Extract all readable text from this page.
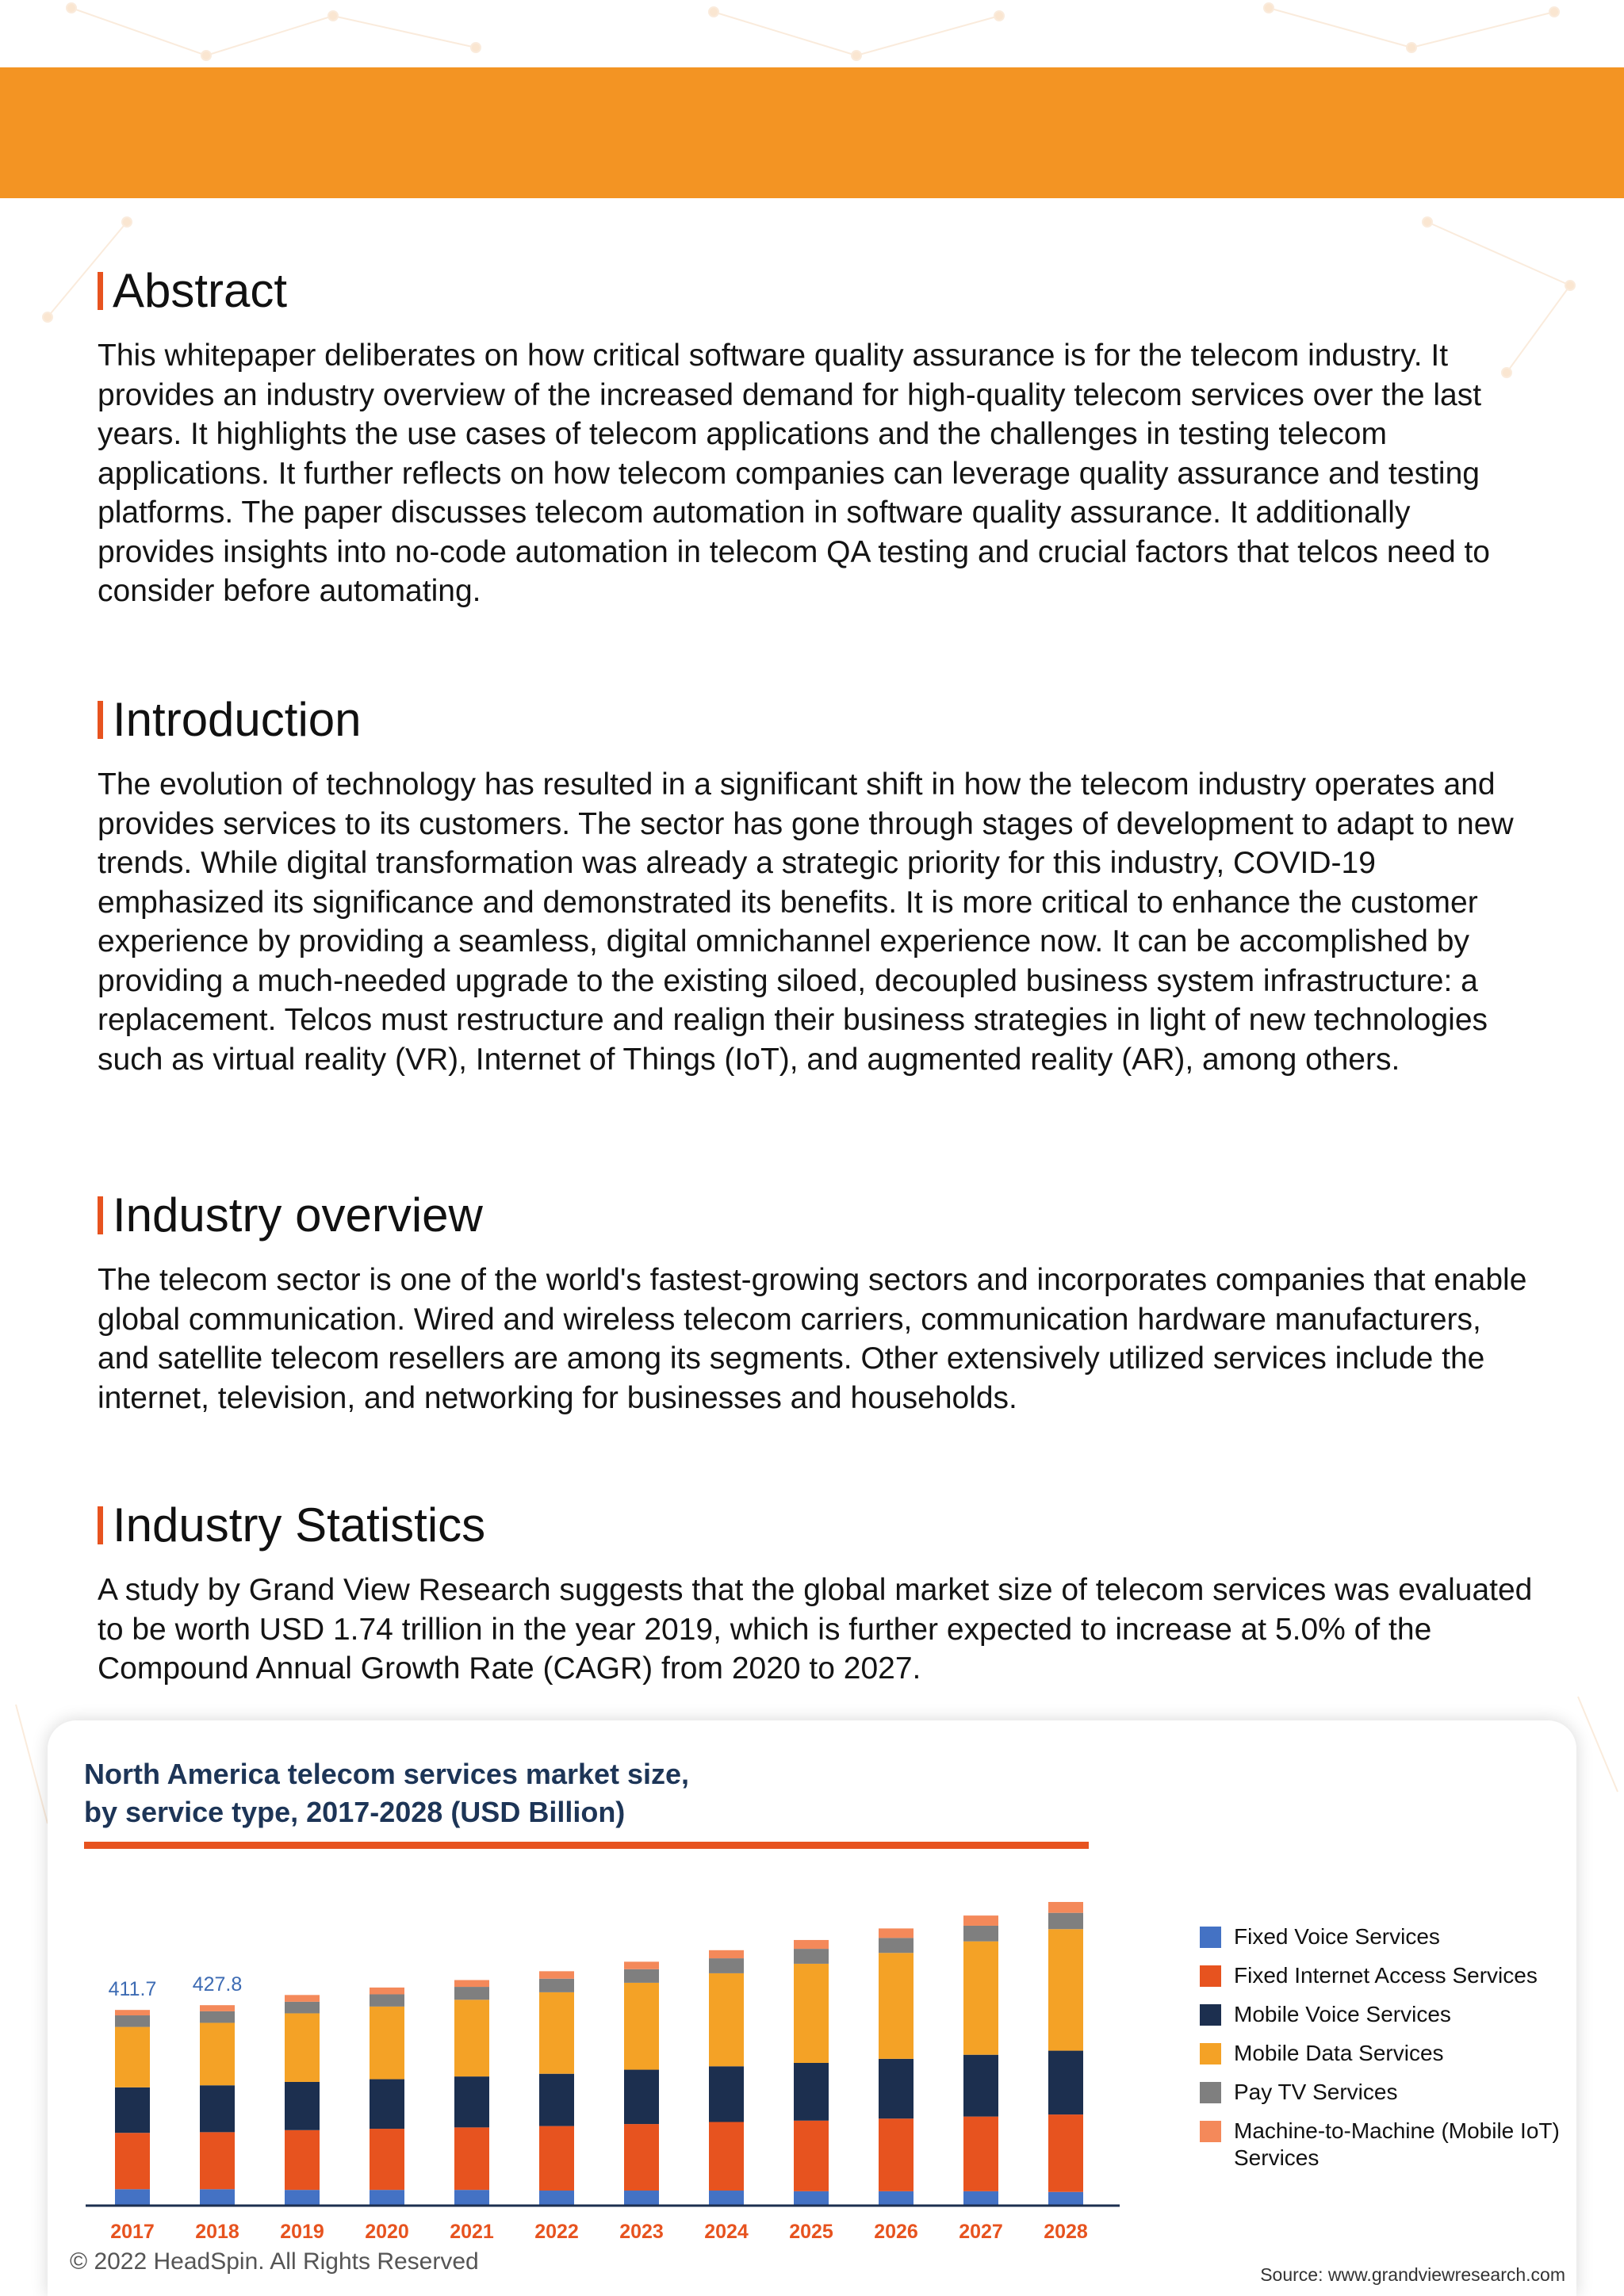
Abstract

This whitepaper deliberates on how critical software quality assurance is for the telecom industry. It provides an industry overview of the increased demand for high-quality telecom services over the last years. It highlights the use cases of telecom applications and the challenges in testing telecom applications. It further reflects on how telecom companies can leverage quality assurance and testing platforms. The paper discusses telecom automation in software quality assurance. It additionally provides insights into no-code automation in telecom QA testing and crucial factors that telcos need to consider before automating.

Introduction

The evolution of technology has resulted in a significant shift in how the telecom industry operates and provides services to its customers. The sector has gone through stages of development to adapt to new trends. While digital transformation was already a strategic priority for this industry, COVID-19 emphasized its significance and demonstrated its benefits. It is more critical to enhance the customer experience by providing a seamless, digital omnichannel experience now. It can be accomplished by providing a much-needed upgrade to the existing siloed, decoupled business system infrastructure: a replacement. Telcos must restructure and realign their business strategies in light of new technologies such as virtual reality (VR), Internet of Things (IoT), and augmented reality (AR), among others.

Industry overview

The telecom sector is one of the world's fastest-growing sectors and incorporates companies that enable global communication. Wired and wireless telecom carriers, communication hardware manufacturers, and satellite telecom resellers are among its segments. Other extensively utilized services include the internet, television, and networking for businesses and households.

Industry Statistics

A study by Grand View Research suggests that the global market size of telecom services was evaluated to be worth USD 1.74 trillion in the year 2019, which is further expected to increase at 5.0% of the Compound Annual Growth Rate (CAGR) from 2020 to 2027.

North America telecom services market size,
by service type, 2017-2028 (USD Billion)
2017 2018 2019 2020 2021 2022 2023 2024 2025 2026 2027 2028
411.7 427.8
Fixed Voice Services
Fixed Internet Access Services
Mobile Voice Services
Mobile Data Services
Pay TV Services
Machine-to-Machine (Mobile IoT) Services
© 2022 HeadSpin. All Rights Reserved	Source: www.grandviewresearch.com
